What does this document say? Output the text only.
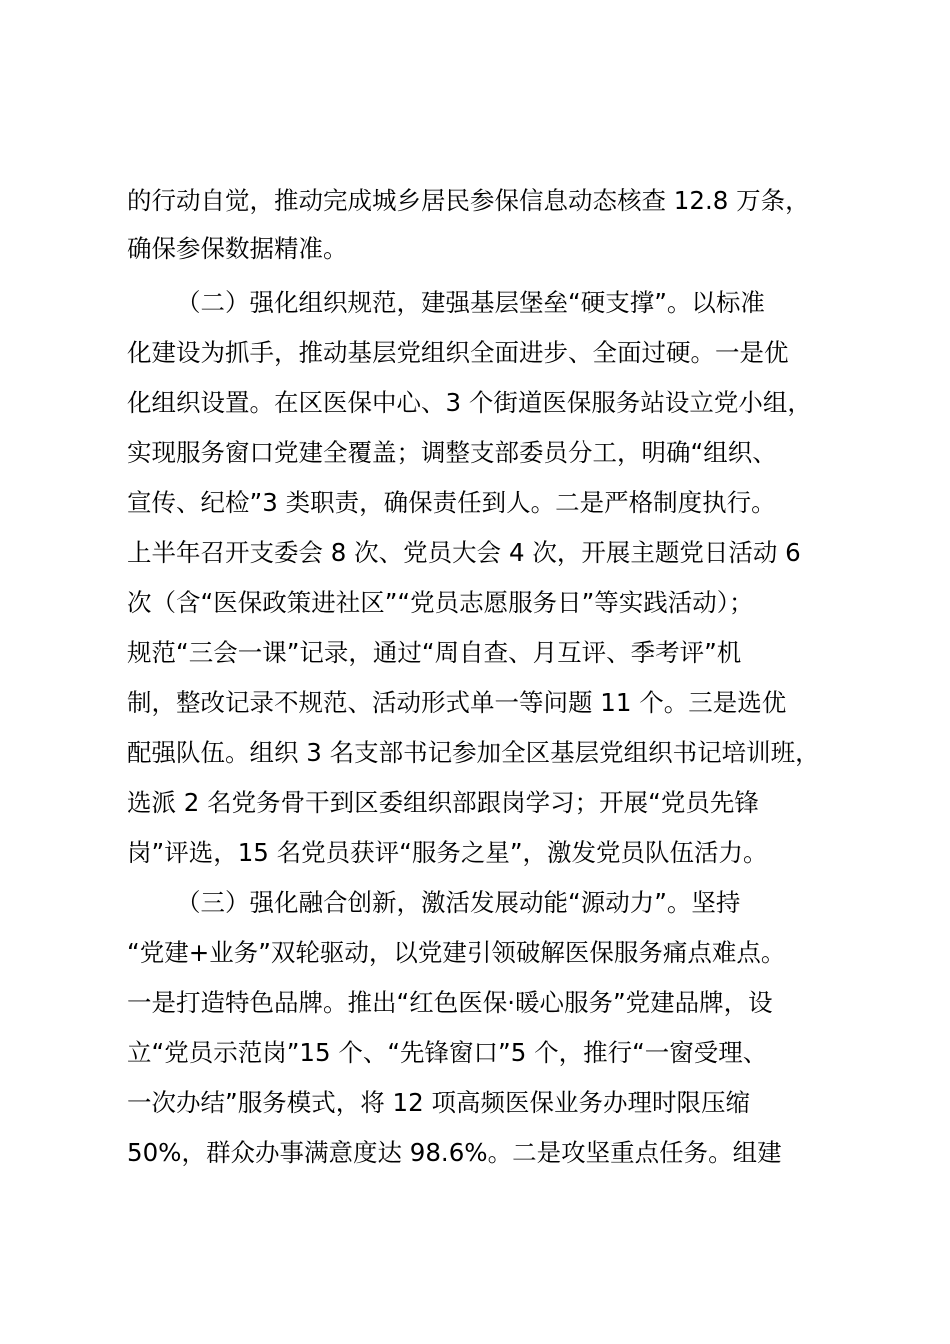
的行动自觉，推动完成城乡居民参保信息动态核查 12.8 万条，
确保参保数据精准。
（二）强化组织规范，建强基层堡垒“硬支撑”。以标准
化建设为抓手，推动基层党组织全面进步、全面过硬。一是优
化组织设置。在区医保中心、3 个街道医保服务站设立党小组，
实现服务窗口党建全覆盖；调整支部委员分工，明确“组织、
宣传、纪检”3 类职责，确保责任到人。二是严格制度执行。
上半年召开支委会 8 次、党员大会 4 次，开展主题党日活动 6
次（含“医保政策进社区”“党员志愿服务日”等实践活动）；
规范“三会一课”记录，通过“周自查、月互评、季考评”机
制，整改记录不规范、活动形式单一等问题 11 个。三是选优
配强队伍。组织 3 名支部书记参加全区基层党组织书记培训班，
选派 2 名党务骨干到区委组织部跟岗学习；开展“党员先锋
岗”评选，15 名党员获评“服务之星”，激发党员队伍活力。
（三）强化融合创新，激活发展动能“源动力”。坚持
“党建+业务”双轮驱动，以党建引领破解医保服务痛点难点。
一是打造特色品牌。推出“红色医保·暖心服务”党建品牌，设
立“党员示范岗”15 个、“先锋窗口”5 个，推行“一窗受理、
一次办结”服务模式，将 12 项高频医保业务办理时限压缩
50%，群众办事满意度达 98.6%。二是攻坚重点任务。组建
